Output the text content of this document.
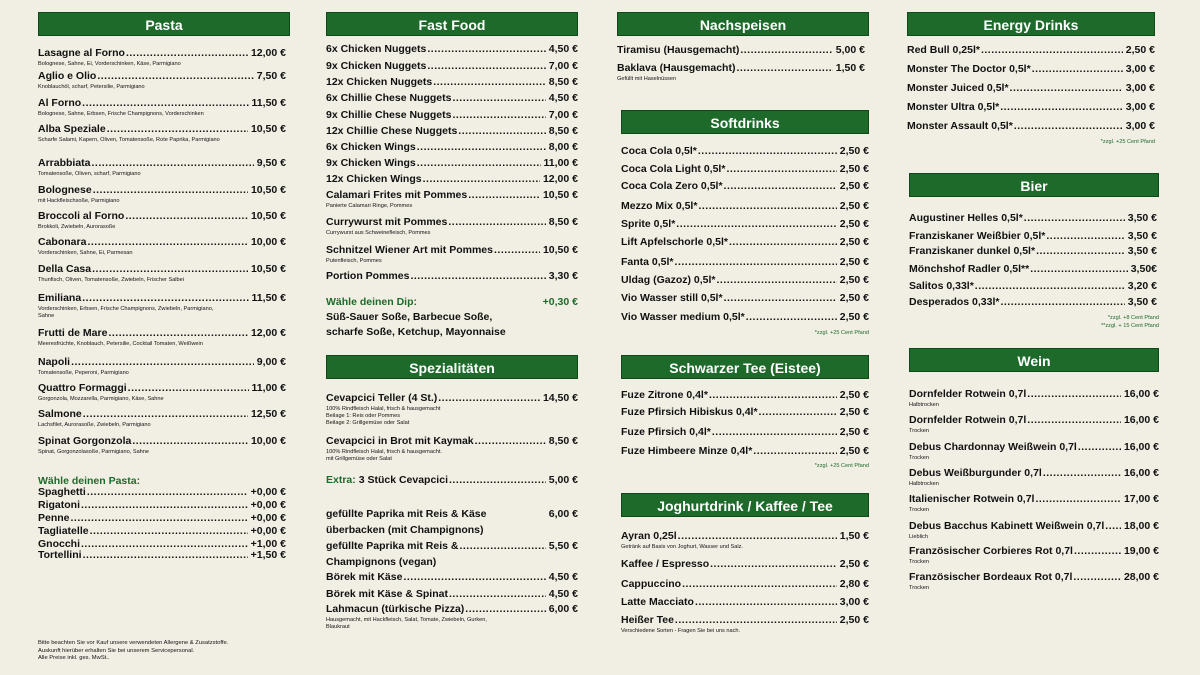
Pasta
Lasagne al Forno .....	12,00 €
Bolognese, Sahne, Ei, Vorderschinken, Käse, Parmigiano
Aglio e Olio .....	7,50 €
Knoblauchöl, scharf, Petersilie, Parmigiano
Al Forno .....	11,50 €
Bolognese, Sahne, Erbsen, Frische Champignons, Vorderschinken
Alba Speziale .....	10,50 €
Scharfe Salami, Kapern, Oliven, Tomatensoße, Rote Paprika, Parmigiano
Arrabbiata .....	9,50 €
Tomatensoße, Oliven, scharf, Parmigiano
Bolognese .....	10,50 €
mit Hackfleischsoße, Parmigiano
Broccoli al Forno .....	10,50 €
Brokkoli, Zwiebeln, Aurorasoße
Cabonara .....	10,00 €
Vorderschinken, Sahne, Ei, Parmesan
Della Casa .....	10,50 €
Thunfisch, Oliven, Tomatensoße, Zwiebeln, Frischer Salbei
Emiliana .....	11,50 €
Vorderschinken, Erbsen, Frische Champignons, Zwiebeln, Parmigiano, Sahne
Frutti de Mare .....	12,00 €
Meeresfrüchte, Knoblauch, Petersilie, Cocktail Tomaten, Weißwein
Napoli .....	9,00 €
Tomatensoße, Peperoni, Parmigiano
Quattro Formaggi .....	11,00 €
Gorgonzola, Mozzarella, Parmigiano, Käse, Sahne
Salmone .....	12,50 €
Lachsfilet, Aurorasoße, Zwiebeln, Parmigiano
Spinat Gorgonzola .....	10,00 €
Spinat, Gorgonzolasoße, Parmigiano, Sahne
Wähle deinen Pasta:
Spaghetti .....	+0,00 €
Rigatoni .....	+0,00 €
Penne .....	+0,00 €
Tagliatelle .....	+0,00 €
Gnocchi .....	+1,00 €
Tortellini .....	+1,50 €
Bitte beachten Sie vor Kauf unsere verwendeten Allergene & Zusatzstoffe.
Auskunft hierüber erhalten Sie bei unserem Servicepersonal.
Alle Preise inkl. ges. MwSt..
Fast Food
6x Chicken Nuggets .....	4,50 €
9x Chicken Nuggets .....	7,00 €
12x Chicken Nuggets .....	8,50 €
6x Chillie Chese Nuggets .....	4,50 €
9x Chillie Chese Nuggets .....	7,00 €
12x Chillie Chese Nuggets .....	8,50 €
6x Chicken Wings .....	8,00 €
9x Chicken Wings .....	11,00 €
12x Chicken Wings .....	12,00 €
Calamari Frites mit Pommes .....	10,50 €
Panierte Calamari Ringe, Pommes
Currywurst mit Pommes .....	8,50 €
Currywurst aus Schweinefleisch, Pommes
Schnitzel Wiener Art mit Pommes .....	10,50 €
Putenfleisch, Pommes
Portion Pommes .....	3,30 €
Wähle deinen Dip:	+0,30 €
Süß-Sauer Soße, Barbecue Soße,
scharfe Soße, Ketchup, Mayonnaise
Spezialitäten
Cevapcici Teller (4 St.) .....	14,50 €
100% Rindfleisch Halal, frisch & hausgemacht
Beilage 1: Reis oder Pommes
Beilage 2: Grillgemüse oder Salat
Cevapcici in Brot mit Kaymak .....	8,50 €
100% Rindfleisch Halal, frisch & hausgemacht.
mit Grillgemüse oder Salat
Extra: 3 Stück Cevapcici .....	5,00 €
gefüllte Paprika mit Reis & Käse	6,00 €
überbacken (mit Champignons)
gefüllte Paprika mit Reis & .....	5,50 €
Champignons (vegan)
Börek mit Käse .....	4,50 €
Börek mit Käse & Spinat .....	4,50 €
Lahmacun (türkische Pizza) .....	6,00 €
Hausgemacht, mit Hackfleisch, Salat, Tomate, Zwiebeln, Gurken,
Blaukraut
Nachspeisen
Tiramisu (Hausgemacht) .....	5,00 €
Baklava (Hausgemacht) .....	1,50 €
Gefüllt mit Haselnüssen
Softdrinks
Coca Cola 0,5l* .....	2,50 €
Coca Cola Light 0,5l* .....	2,50 €
Coca Cola Zero 0,5l* .....	2,50 €
Mezzo Mix 0,5l* .....	2,50 €
Sprite 0,5l* .....	2,50 €
Lift Apfelschorle 0,5l* .....	2,50 €
Fanta 0,5l* .....	2,50 €
Uldag (Gazoz) 0,5l* .....	2,50 €
Vio Wasser still 0,5l* .....	2,50 €
Vio Wasser medium 0,5l* .....	2,50 €
*zzgl. +25 Cent Pfand
Schwarzer Tee (Eistee)
Fuze Zitrone 0,4l* .....	2,50 €
Fuze Pfirsich Hibiskus 0,4l* .....	2,50 €
Fuze Pfirsich 0,4l* .....	2,50 €
Fuze Himbeere Minze 0,4l* .....	2,50 €
*zzgl. +25 Cent Pfand
Joghurtdrink / Kaffee / Tee
Ayran 0,25l .....	1,50 €
Getränk auf Basis von Joghurt, Wasser und Salz.
Kaffee / Espresso .....	2,50 €
Cappuccino .....	2,80 €
Latte Macciato .....	3,00 €
Heißer Tee .....	2,50 €
Verschiedene Sorten - Fragen Sie bei uns nach.
Energy Drinks
Red Bull 0,25l* .....	2,50 €
Monster The Doctor 0,5l* .....	3,00 €
Monster Juiced 0,5l* .....	3,00 €
Monster Ultra 0,5l* .....	3,00 €
Monster Assault 0,5l* .....	3,00 €
*zzgl. +25 Cent Pfand
Bier
Augustiner Helles 0,5l* .....	3,50 €
Franziskaner Weißbier 0,5l* .....	3,50 €
Franziskaner dunkel 0,5l* .....	3,50 €
Mönchshof Radler 0,5l** .....	3,50€
Salitos 0,33l* .....	3,20 €
Desperados 0,33l* .....	3,50 €
*zzgl. +8 Cent Pfand
**zzgl. + 15 Cent Pfand
Wein
Dornfelder Rotwein 0,7l .....	16,00 €
Halbtrocken
Dornfelder Rotwein 0,7l .....	16,00 €
Trocken
Debus Chardonnay Weißwein 0,7l .....	16,00 €
Trocken
Debus Weißburgunder 0,7l .....	16,00 €
Halbtrocken
Italienischer Rotwein 0,7l .....	17,00 €
Trocken
Debus Bacchus Kabinett Weißwein 0,7l ..... 18,00 €
Lieblich
Französischer Corbieres Rot 0,7l .....	19,00 €
Trocken
Französischer Bordeaux Rot 0,7l .....	28,00 €
Trocken
